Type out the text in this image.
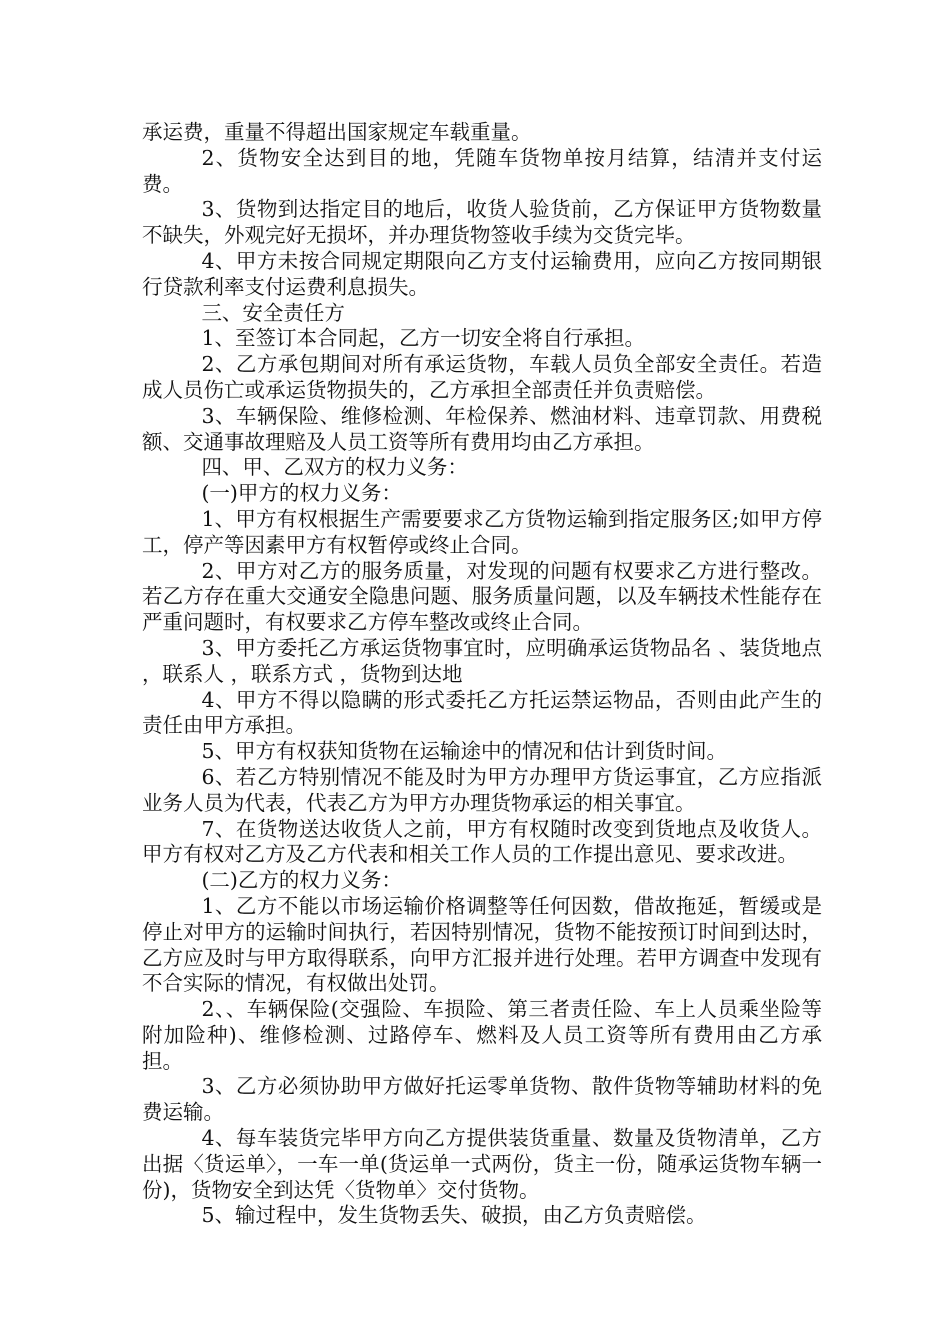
承运费，重量不得超出国家规定车载重量。

2、货物安全达到目的地，凭随车货物单按月结算，结清并支付运费。

3、货物到达指定目的地后，收货人验货前，乙方保证甲方货物数量不缺失，外观完好无损坏，并办理货物签收手续为交货完毕。

4、甲方未按合同规定期限向乙方支付运输费用，应向乙方按同期银行贷款利率支付运费利息损失。

三、安全责任方

1、至签订本合同起，乙方一切安全将自行承担。

2、乙方承包期间对所有承运货物，车载人员负全部安全责任。若造成人员伤亡或承运货物损失的，乙方承担全部责任并负责赔偿。

3、车辆保险、维修检测、年检保养、燃油材料、违章罚款、用费税额、交通事故理赔及人员工资等所有费用均由乙方承担。

四、甲、乙双方的权力义务：

(一)甲方的权力义务：

1、甲方有权根据生产需要要求乙方货物运输到指定服务区;如甲方停工，停产等因素甲方有权暂停或终止合同。

2、甲方对乙方的服务质量，对发现的问题有权要求乙方进行整改。若乙方存在重大交通安全隐患问题、服务质量问题，以及车辆技术性能存在严重问题时，有权要求乙方停车整改或终止合同。

3、甲方委托乙方承运货物事宜时，应明确承运货物品名 、装货地点 ，联系人 ，联系方式 ，货物到达地

4、甲方不得以隐瞒的形式委托乙方托运禁运物品，否则由此产生的责任由甲方承担。

5、甲方有权获知货物在运输途中的情况和估计到货时间。

6、若乙方特别情况不能及时为甲方办理甲方货运事宜，乙方应指派业务人员为代表，代表乙方为甲方办理货物承运的相关事宜。

7、在货物送达收货人之前，甲方有权随时改变到货地点及收货人。 甲方有权对乙方及乙方代表和相关工作人员的工作提出意见、要求改进。

(二)乙方的权力义务：

1、乙方不能以市场运输价格调整等任何因数，借故拖延，暂缓或是停止对甲方的运输时间执行，若因特别情况，货物不能按预订时间到达时，乙方应及时与甲方取得联系，向甲方汇报并进行处理。若甲方调查中发现有不合实际的情况，有权做出处罚。

2、、车辆保险(交强险、车损险、第三者责任险、车上人员乘坐险等附加险种)、维修检测、过路停车、燃料及人员工资等所有费用由乙方承担。

3、乙方必须协助甲方做好托运零单货物、散件货物等辅助材料的免费运输。

4、每车装货完毕甲方向乙方提供装货重量、数量及货物清单，乙方出据〈货运单〉，一车一单(货运单一式两份，货主一份，随承运货物车辆一份)，货物安全到达凭〈货物单〉交付货物。

5、输过程中，发生货物丢失、破损，由乙方负责赔偿。
